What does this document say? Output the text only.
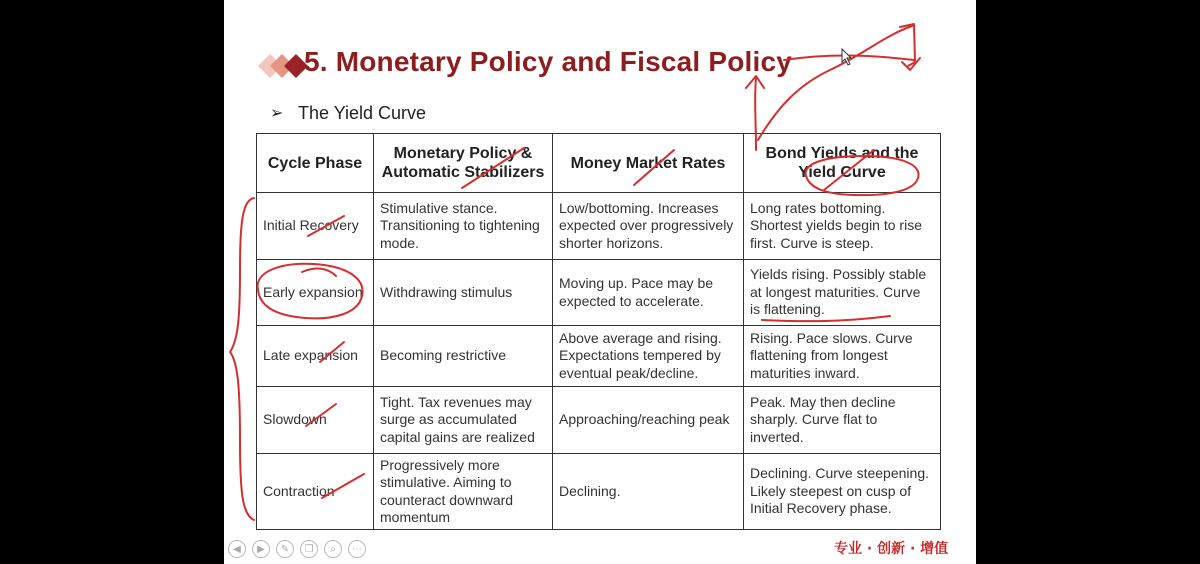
5. Monetary Policy and Fiscal Policy
➢ The Yield Curve
Cycle Phase	Monetary Policy & Automatic Stabilizers	Money Market Rates	Bond Yields and the Yield Curve
Initial Recovery	Stimulative stance. Transitioning to tightening mode.	Low/bottoming. Increases expected over progressively shorter horizons.	Long rates bottoming. Shortest yields begin to rise first. Curve is steep.
Early expansion	Withdrawing stimulus	Moving up. Pace may be expected to accelerate.	Yields rising. Possibly stable at longest maturities. Curve is flattening.
Late expansion	Becoming restrictive	Above average and rising. Expectations tempered by eventual peak/decline.	Rising. Pace slows. Curve flattening from longest maturities inward.
Slowdown	Tight. Tax revenues may surge as accumulated capital gains are realized	Approaching/reaching peak	Peak. May then decline sharply. Curve flat to inverted.
Contraction	Progressively more stimulative. Aiming to counteract downward momentum	Declining.	Declining. Curve steepening. Likely steepest on cusp of Initial Recovery phase.
◀	▶	✎	❐	⌕	⋯	专业 · 创新 · 增值
